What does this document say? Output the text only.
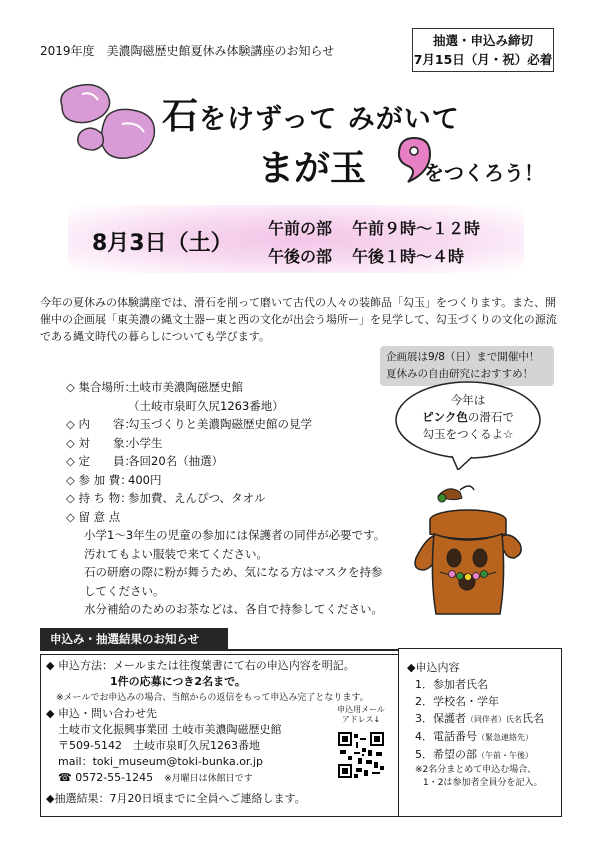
2019年度　美濃陶磁歴史館夏休み体験講座のお知らせ
抽選・申込み締切
7月15日（月・祝）必着
石をけずって みがいて
まが玉	をつくろう！
8月3日（土）
午前の部 午前９時～１２時
午後の部 午後１時～４時
今年の夏休みの体験講座では、滑石を削って磨いて古代の人々の装飾品「勾玉」をつくります。また、開催中の企画展「東美濃の縄文土器ー東と西の文化が出会う場所ー」を見学して、勾玉づくりの文化の源流である縄文時代の暮らしについても学びます。
企画展は9/8（日）まで開催中！
夏休みの自由研究におすすめ！
◇ 集合場所：土岐市美濃陶磁歴史館
（土岐市泉町久尻1263番地）
◇ 内　　容：勾玉づくりと美濃陶磁歴史館の見学
◇ 対　　象：小学生
◇ 定　　員：各回20名（抽選）
◇ 参 加 費：400円
◇ 持 ち 物：参加費、えんぴつ、タオル
◇ 留 意 点
小学1～3年生の児童の参加には保護者の同伴が必要です。
汚れてもよい服装で来てください。
石の研磨の際に粉が舞うため、気になる方はマスクを持参
してください。
水分補給のためのお茶などは、各自で持参してください。
今年は
ピンク色の滑石で
勾玉をつくるよ☆
申込み・抽選結果のお知らせ
◆ 申込方法：メールまたは往復葉書にて右の申込内容を明記。
1件の応募につき2名まで。
※メールでお申込みの場合、当館からの返信をもって申込み完了となります。
◆ 申込・問い合わせ先
土岐市文化振興事業団 土岐市美濃陶磁歴史館
〒509-5142　土岐市泉町久尻1263番地
mail：toki_museum@toki-bunka.or.jp
☎ 0572-55-1245　 ※月曜日は休館日です
◆抽選結果：7月20日頃までに全員へご連絡します。
申込用メール
アドレス↓
◆申込内容
1．参加者氏名
2．学校名・学年
3．保護者（同伴者）氏名氏名
4．電話番号（緊急連絡先）
5．希望の部（午前・午後）
※2名分まとめて申込む場合、
1・2は参加者全員分を記入。
